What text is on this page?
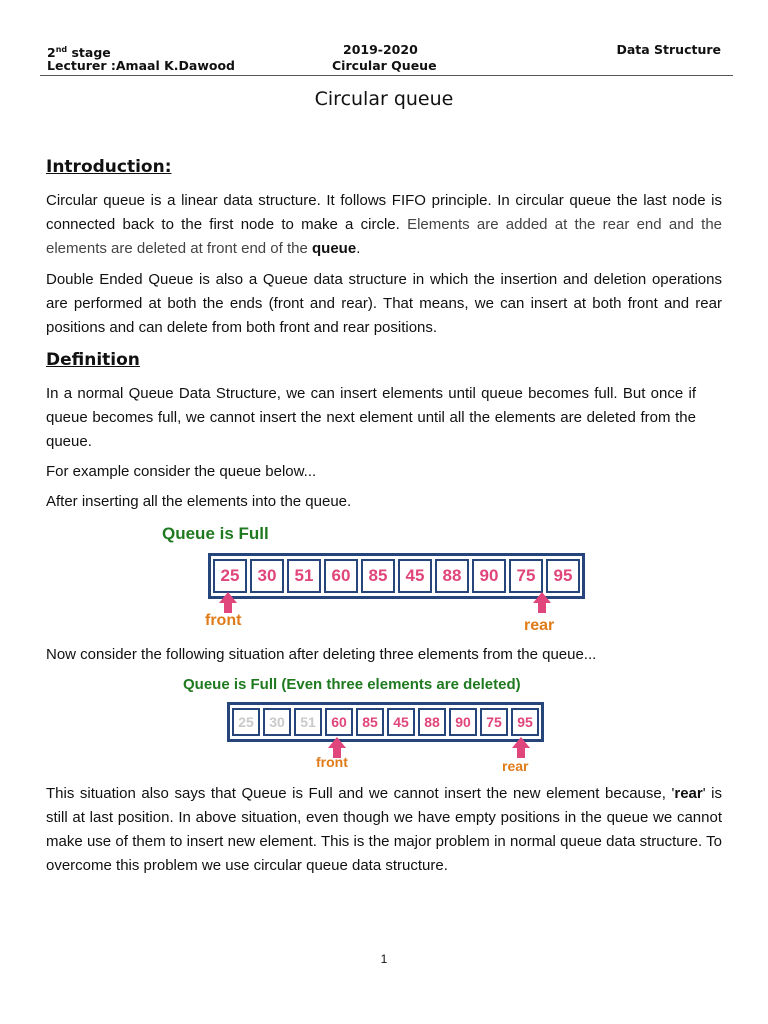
2nd stage	2019-2020	Data Structure
Lecturer :Amaal K.Dawood	Circular Queue
Circular queue
Introduction:

Circular queue is a linear data structure. It follows FIFO principle. In circular queue the last node is connected back to the first node to make a circle. Elements are added at the rear end and the elements are deleted at front end of the queue.

Double Ended Queue is also a Queue data structure in which the insertion and deletion operations are performed at both the ends (front and rear). That means, we can insert at both front and rear positions and can delete from both front and rear positions.

Definition

In a normal Queue Data Structure, we can insert elements until queue becomes full. But once if queue becomes full, we cannot insert the next element until all the elements are deleted from the queue.

For example consider the queue below...

After inserting all the elements into the queue.

Queue is Full
25	30	51	60	85	45	88	90	75	95
front	rear

Now consider the following situation after deleting three elements from the queue...

Queue is Full (Even three elements are deleted)
25	30	51	60	85	45	88	90	75	95
front	rear

This situation also says that Queue is Full and we cannot insert the new element because, 'rear' is still at last position. In above situation, even though we have empty positions in the queue we cannot make use of them to insert new element. This is the major problem in normal queue data structure. To overcome this problem we use circular queue data structure.

1
